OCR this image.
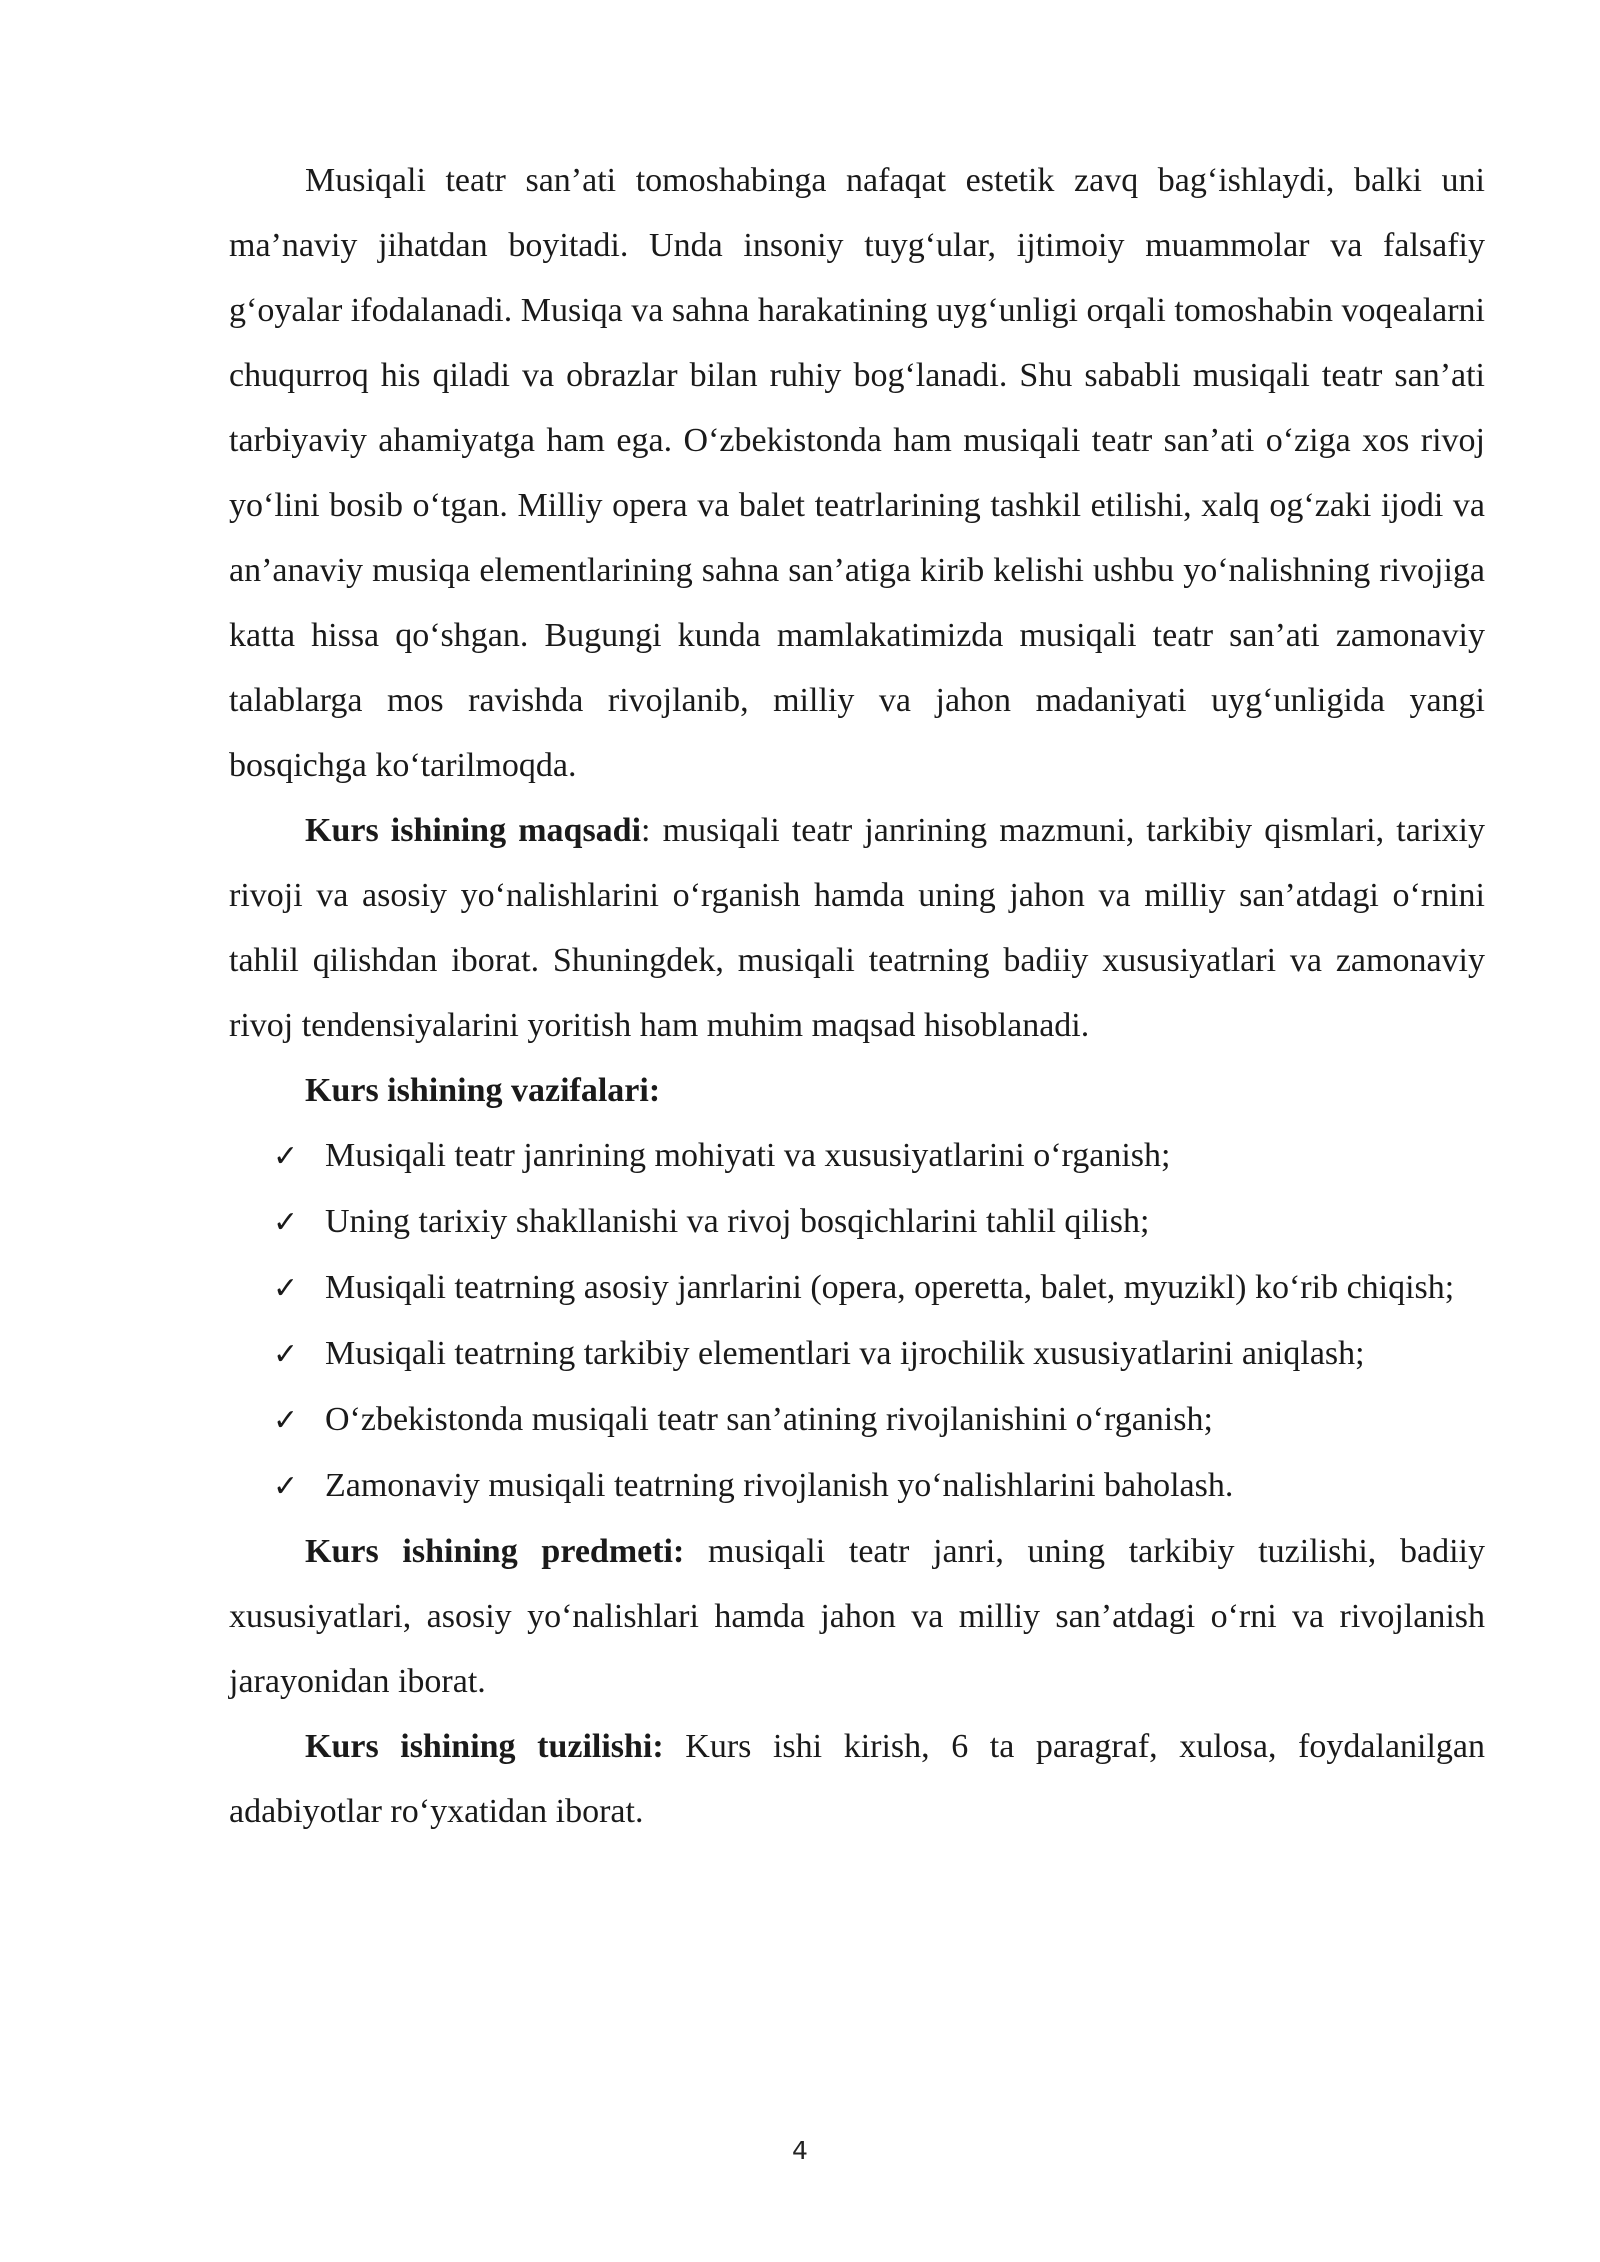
Musiqali teatr san’ati tomoshabinga nafaqat estetik zavq bag‘ishlaydi, balki uni ma’naviy jihatdan boyitadi. Unda insoniy tuyg‘ular, ijtimoiy muammolar va falsafiy g‘oyalar ifodalanadi. Musiqa va sahna harakatining uyg‘unligi orqali tomoshabin voqealarni chuqurroq his qiladi va obrazlar bilan ruhiy bog‘lanadi. Shu sababli musiqali teatr san’ati tarbiyaviy ahamiyatga ham ega. O‘zbekistonda ham musiqali teatr san’ati o‘ziga xos rivoj yo‘lini bosib o‘tgan. Milliy opera va balet teatrlarining tashkil etilishi, xalq og‘zaki ijodi va an’anaviy musiqa elementlarining sahna san’atiga kirib kelishi ushbu yo‘nalishning rivojiga katta hissa qo‘shgan. Bugungi kunda mamlakatimizda musiqali teatr san’ati zamonaviy talablarga mos ravishda rivojlanib, milliy va jahon madaniyati uyg‘unligida yangi bosqichga ko‘tarilmoqda.

Kurs ishining maqsadi: musiqali teatr janrining mazmuni, tarkibiy qismlari, tarixiy rivoji va asosiy yo‘nalishlarini o‘rganish hamda uning jahon va milliy san’atdagi o‘rnini tahlil qilishdan iborat. Shuningdek, musiqali teatrning badiiy xususiyatlari va zamonaviy rivoj tendensiyalarini yoritish ham muhim maqsad hisoblanadi.

Kurs ishining vazifalari:

✓ Musiqali teatr janrining mohiyati va xususiyatlarini o‘rganish;
✓ Uning tarixiy shakllanishi va rivoj bosqichlarini tahlil qilish;
✓ Musiqali teatrning asosiy janrlarini (opera, operetta, balet, myuzikl) ko‘rib chiqish;
✓ Musiqali teatrning tarkibiy elementlari va ijrochilik xususiyatlarini aniqlash;
✓ O‘zbekistonda musiqali teatr san’atining rivojlanishini o‘rganish;
✓ Zamonaviy musiqali teatrning rivojlanish yo‘nalishlarini baholash.

Kurs ishining predmeti: musiqali teatr janri, uning tarkibiy tuzilishi, badiiy xususiyatlari, asosiy yo‘nalishlari hamda jahon va milliy san’atdagi o‘rni va rivojlanish jarayonidan iborat.

Kurs ishining tuzilishi: Kurs ishi kirish, 6 ta paragraf, xulosa, foydalanilgan adabiyotlar ro‘yxatidan iborat.

4
